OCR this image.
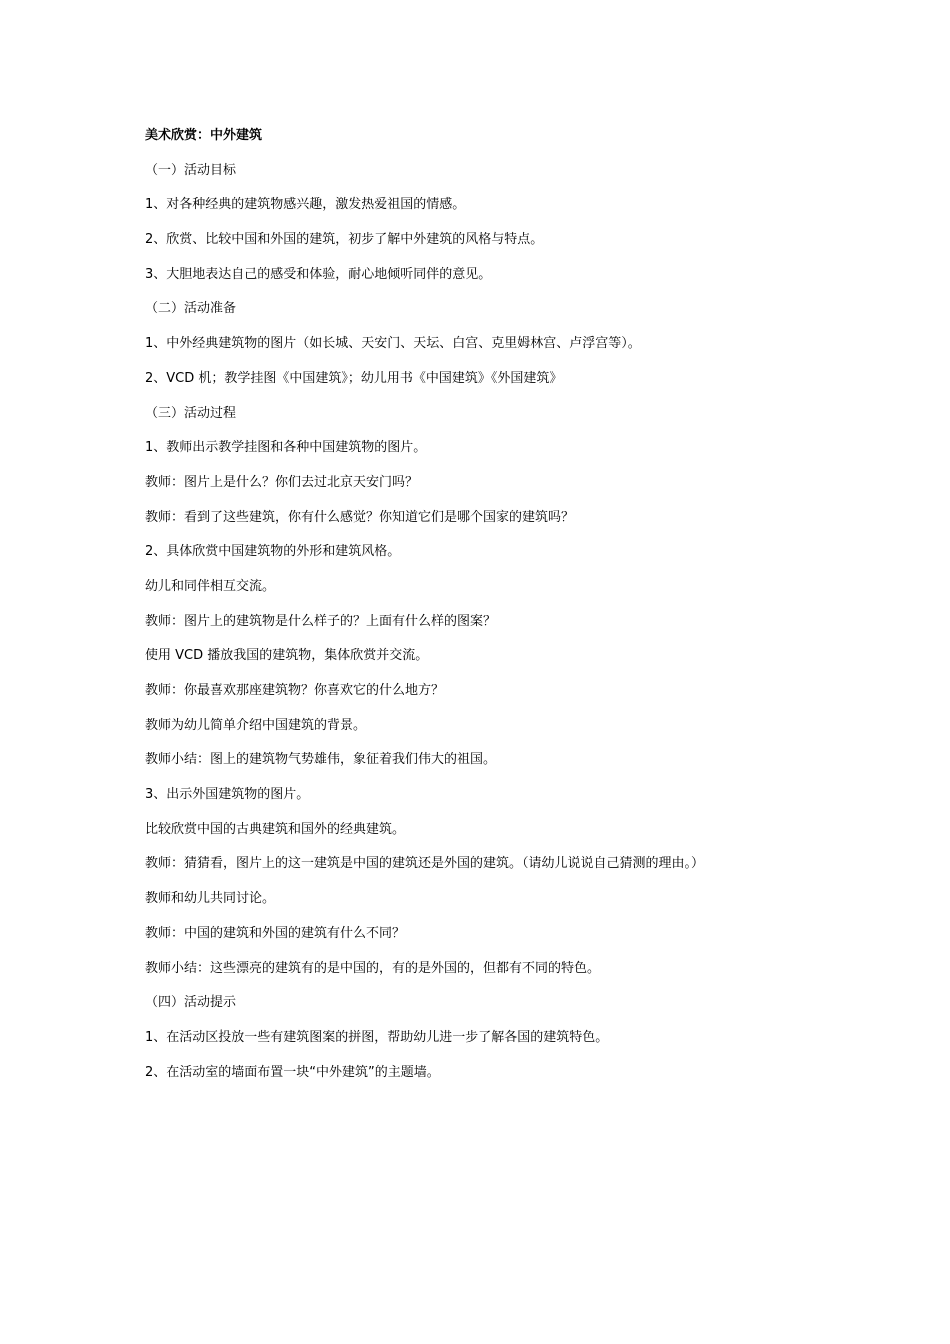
美术欣赏：中外建筑
（一）活动目标
1、对各种经典的建筑物感兴趣，激发热爱祖国的情感。
2、欣赏、比较中国和外国的建筑，初步了解中外建筑的风格与特点。
3、大胆地表达自己的感受和体验，耐心地倾听同伴的意见。
（二）活动准备
1、中外经典建筑物的图片（如长城、天安门、天坛、白宫、克里姆林宫、卢浮宫等）。
2、VCD 机；教学挂图《中国建筑》；幼儿用书《中国建筑》《外国建筑》
（三）活动过程
1、教师出示教学挂图和各种中国建筑物的图片。
教师：图片上是什么？你们去过北京天安门吗？
教师：看到了这些建筑，你有什么感觉？你知道它们是哪个国家的建筑吗？
2、具体欣赏中国建筑物的外形和建筑风格。
幼儿和同伴相互交流。
教师：图片上的建筑物是什么样子的？上面有什么样的图案？
使用 VCD 播放我国的建筑物，集体欣赏并交流。
教师：你最喜欢那座建筑物？你喜欢它的什么地方？
教师为幼儿简单介绍中国建筑的背景。
教师小结：图上的建筑物气势雄伟，象征着我们伟大的祖国。
3、出示外国建筑物的图片。
比较欣赏中国的古典建筑和国外的经典建筑。
教师：猜猜看，图片上的这一建筑是中国的建筑还是外国的建筑。（请幼儿说说自己猜测的理由。）
教师和幼儿共同讨论。
教师：中国的建筑和外国的建筑有什么不同？
教师小结：这些漂亮的建筑有的是中国的，有的是外国的，但都有不同的特色。
（四）活动提示
1、在活动区投放一些有建筑图案的拼图，帮助幼儿进一步了解各国的建筑特色。
2、在活动室的墙面布置一块“中外建筑”的主题墙。
